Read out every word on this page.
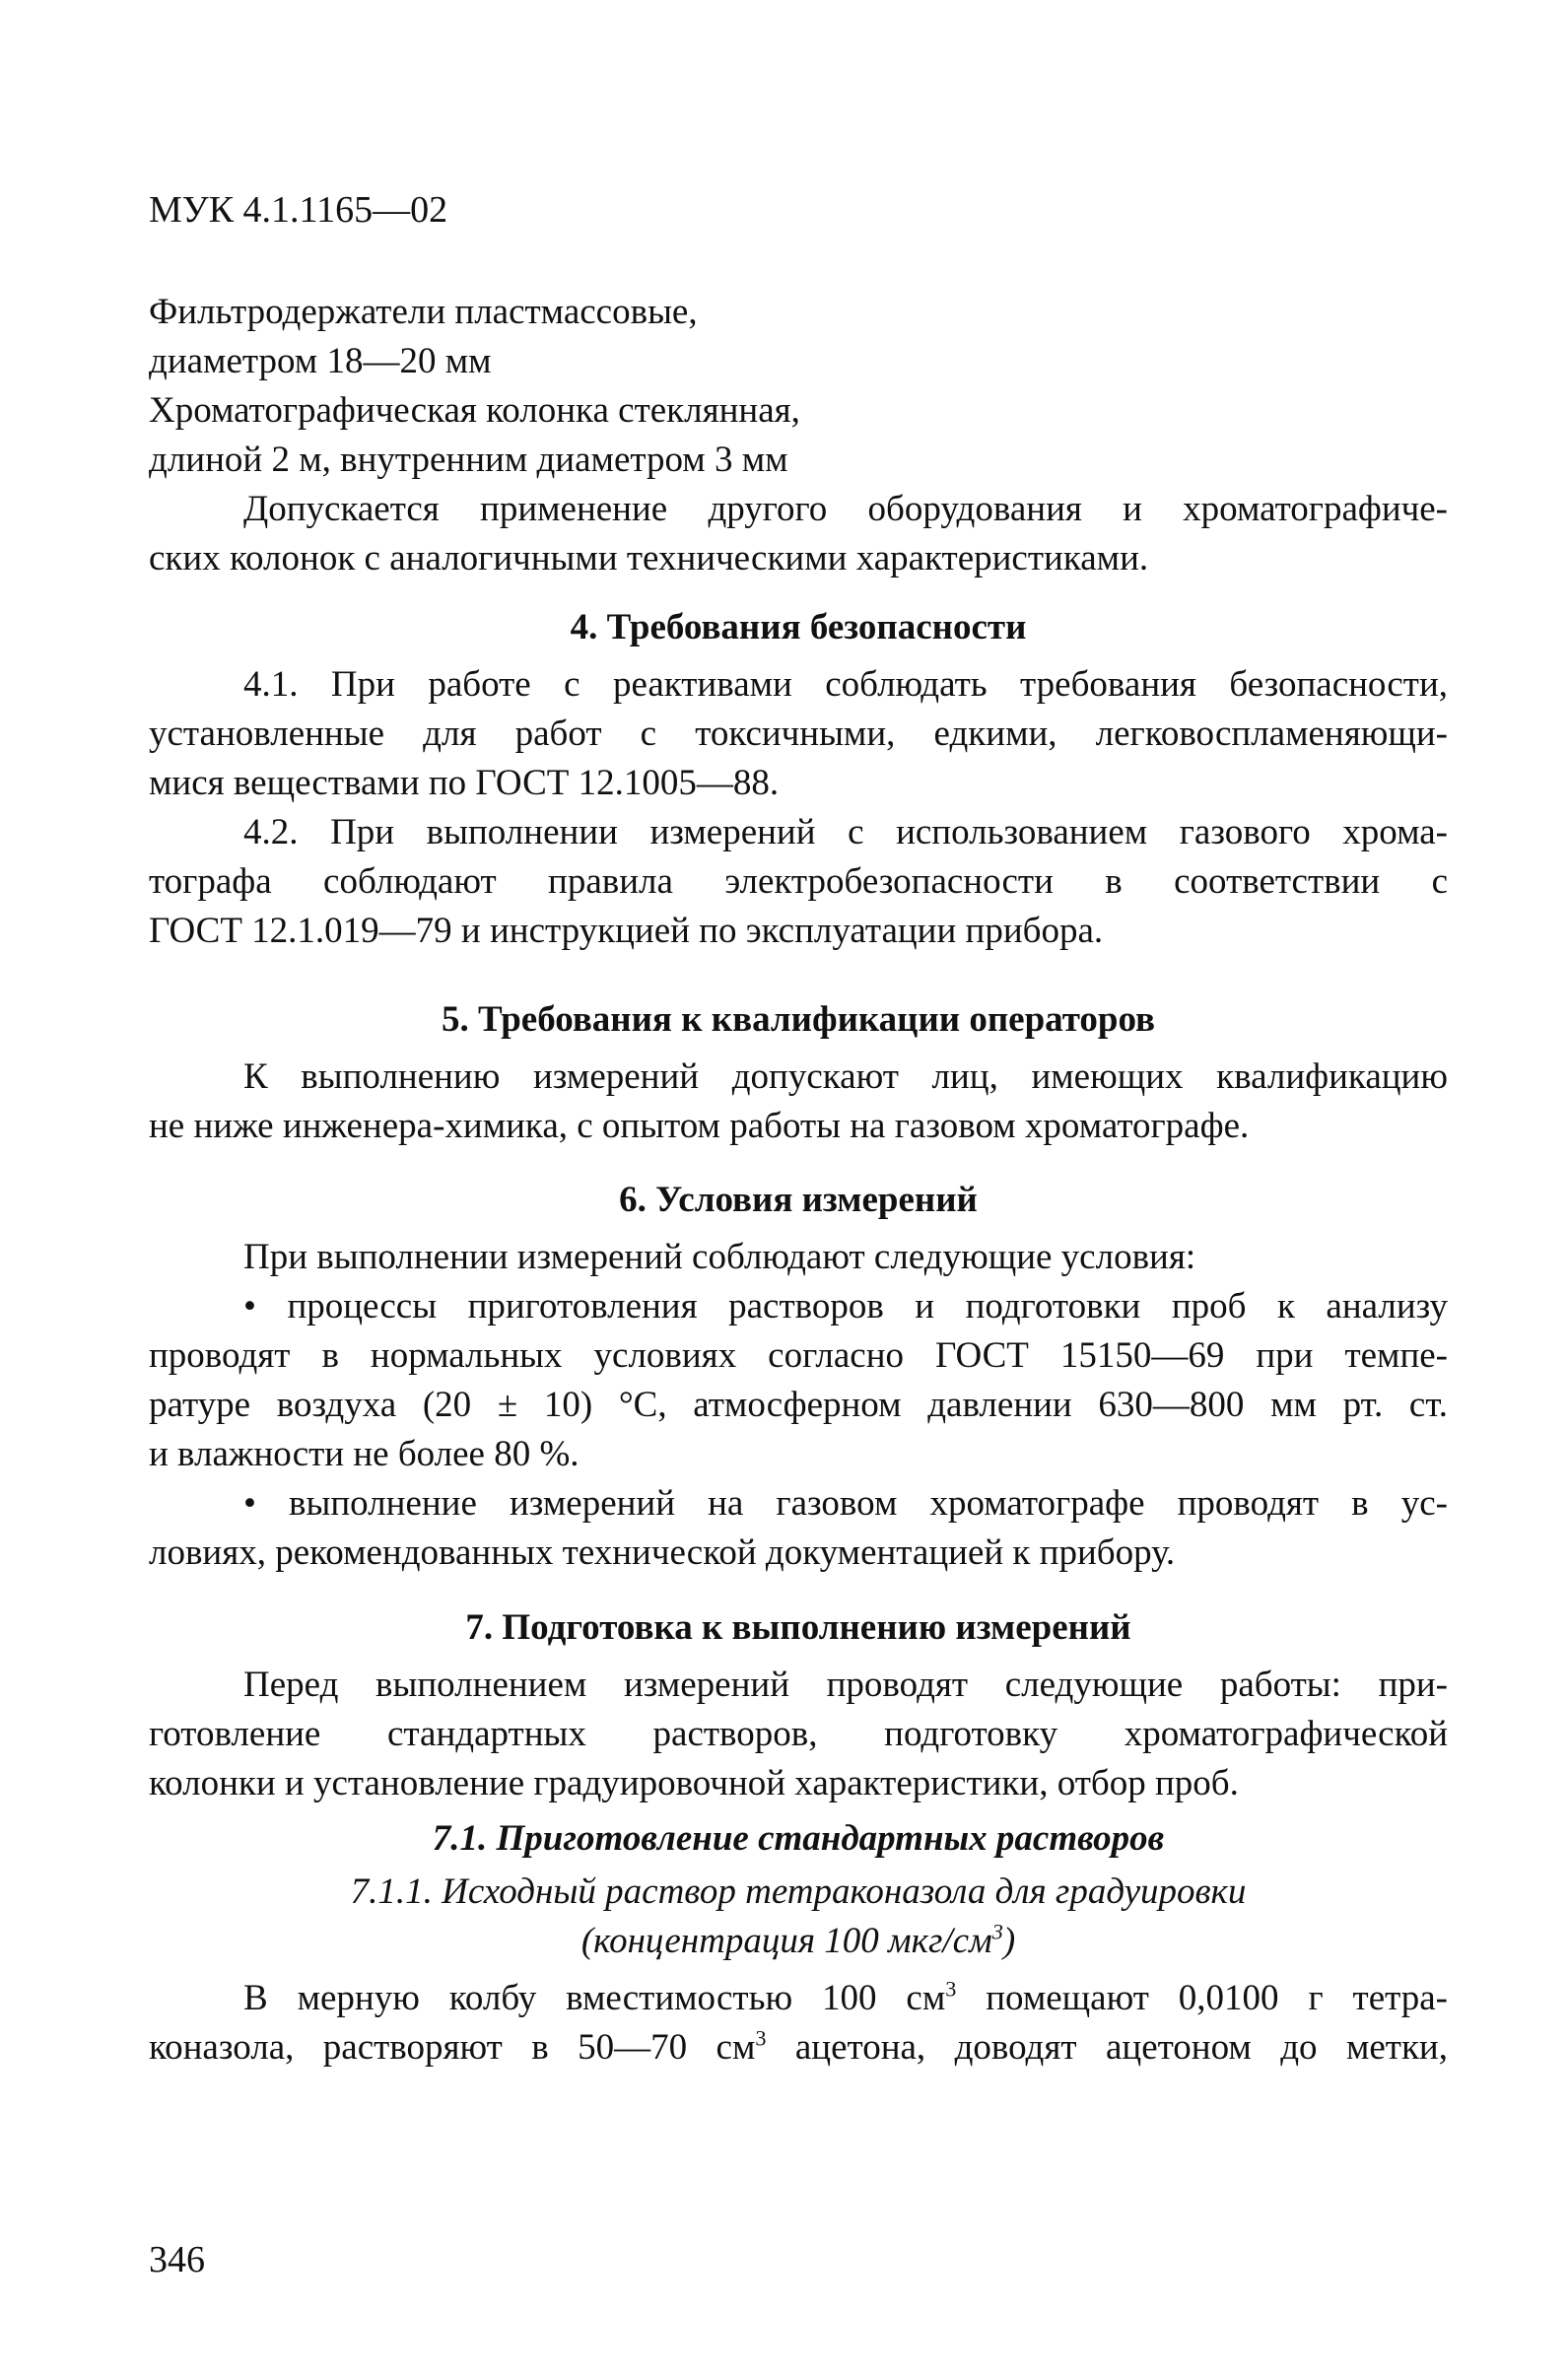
МУК 4.1.1165—02
Фильтродержатели пластмассовые,
диаметром 18—20 мм
Хроматографическая колонка стеклянная,
длиной 2 м, внутренним диаметром 3 мм
Допускается применение другого оборудования и хроматографиче-
ских колонок с аналогичными техническими характеристиками.

4. Требования безопасности

4.1. При работе с реактивами соблюдать требования безопасности,
установленные для работ с токсичными, едкими, легковоспламеняющи-
мися веществами по ГОСТ 12.1005—88.
4.2. При выполнении измерений с использованием газового хрома-
тографа соблюдают правила электробезопасности в соответствии с
ГОСТ 12.1.019—79 и инструкцией по эксплуатации прибора.

5. Требования к квалификации операторов

К выполнению измерений допускают лиц, имеющих квалификацию
не ниже инженера-химика, с опытом работы на газовом хроматографе.

6. Условия измерений

При выполнении измерений соблюдают следующие условия:
• процессы приготовления растворов и подготовки проб к анализу
проводят в нормальных условиях согласно ГОСТ 15150—69 при темпе-
ратуре воздуха (20 ± 10) °С, атмосферном давлении 630—800 мм рт. ст.
и влажности не более 80 %.
• выполнение измерений на газовом хроматографе проводят в ус-
ловиях, рекомендованных технической документацией к прибору.

7. Подготовка к выполнению измерений

Перед выполнением измерений проводят следующие работы: при-
готовление стандартных растворов, подготовку хроматографической
колонки и установление градуировочной характеристики, отбор проб.

7.1. Приготовление стандартных растворов

7.1.1. Исходный раствор тетраконазола для градуировки

(концентрация 100 мкг/$см^3$)

В мерную колбу вместимостью 100 $см^3$ помещают 0,0100 г тетра-
коназола, растворяют в 50—70 $см^3$ ацетона, доводят ацетоном до метки,
346
